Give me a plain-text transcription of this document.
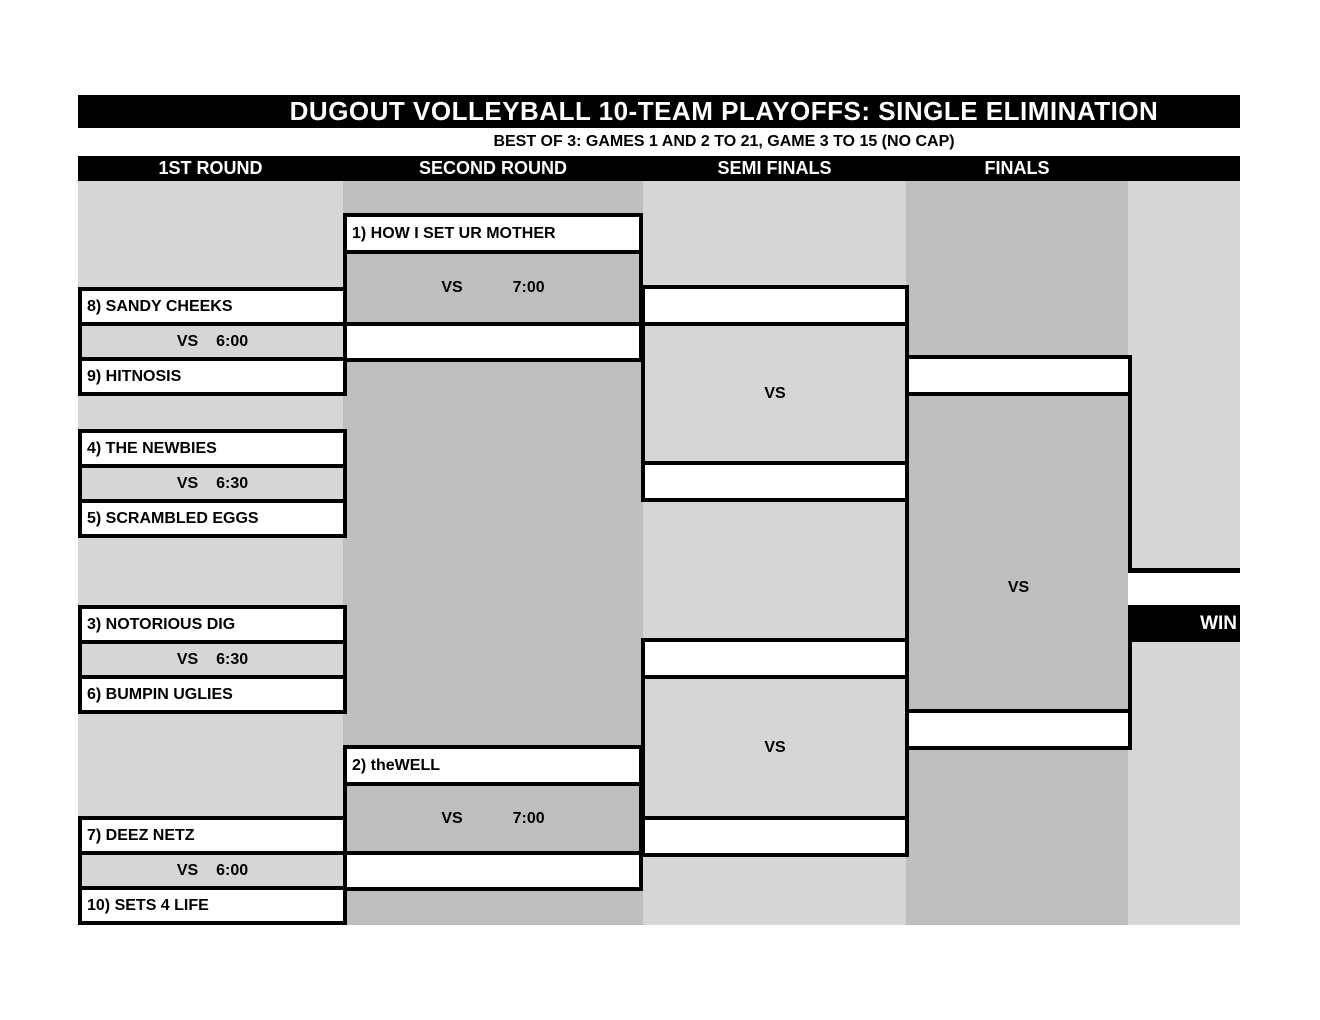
DUGOUT VOLLEYBALL 10-TEAM PLAYOFFS: SINGLE ELIMINATION
BEST OF 3: GAMES 1 AND 2 TO 21, GAME 3 TO 15 (NO CAP)
1ST ROUND	SECOND ROUND	SEMI FINALS	FINALS
8) SANDY CHEEKS
VS 6:00
9) HITNOSIS
4) THE NEWBIES
VS 6:30
5) SCRAMBLED EGGS
3) NOTORIOUS DIG
VS 6:30
6) BUMPIN UGLIES
7) DEEZ NETZ
VS 6:00
10) SETS 4 LIFE
1) HOW I SET UR MOTHER
VS	7:00
2) theWELL
VS	7:00
VS
VS
VS
WIN
